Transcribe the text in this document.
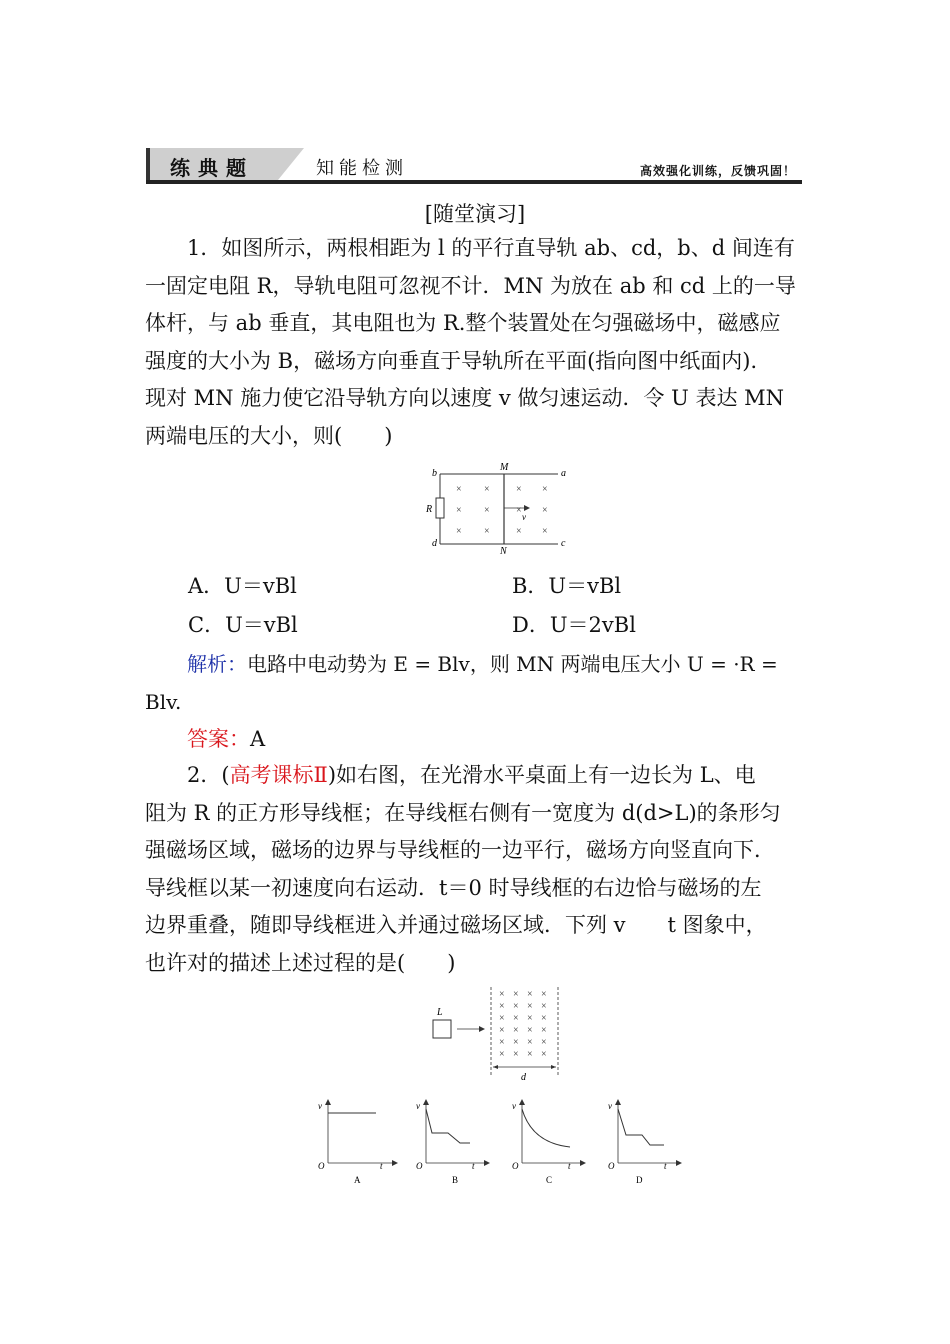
练典题	知能检测	高效强化训练，反馈巩固！
[随堂演习]
1．如图所示，两根相距为 l 的平行直导轨 ab、cd，b、d 间连有
一固定电阻 R，导轨电阻可忽视不计．MN 为放在 ab 和 cd 上的一导
体杆，与 ab 垂直，其电阻也为 R.整个装置处在匀强磁场中，磁感应
强度的大小为 B，磁场方向垂直于导轨所在平面(指向图中纸面内)．
现对 MN 施力使它沿导轨方向以速度 v 做匀速运动．令 U 表达 MN
两端电压的大小，则(　　)
b
M
a
R
v
d
N
c
× ×	× ×
× ×	× ×
× ×	× ×
A．U＝vBl	B．U＝vBl
C．U＝vBl	D．U＝2vBl
解析：电路中电动势为 E = Blv，则 MN 两端电压大小 U = ·R =
Blv.
答案：A
2．(高考课标Ⅱ)如右图，在光滑水平桌面上有一边长为 L、电
阻为 R 的正方形导线框；在导线框右侧有一宽度为 d(d>L)的条形匀
强磁场区域，磁场的边界与导线框的一边平行，磁场方向竖直向下．
导线框以某一初速度向右运动．t＝0 时导线框的右边恰与磁场的左
边界重叠，随即导线框进入并通过磁场区域．下列 v　　t 图象中，
也许对的描述上述过程的是(　　)
L
d
× × × ×
× × × ×
× × × ×
× × × ×
× × × ×
× × × ×
v
O	t
A
v
O	t
B
v
O	t
C
v
O	t
D
